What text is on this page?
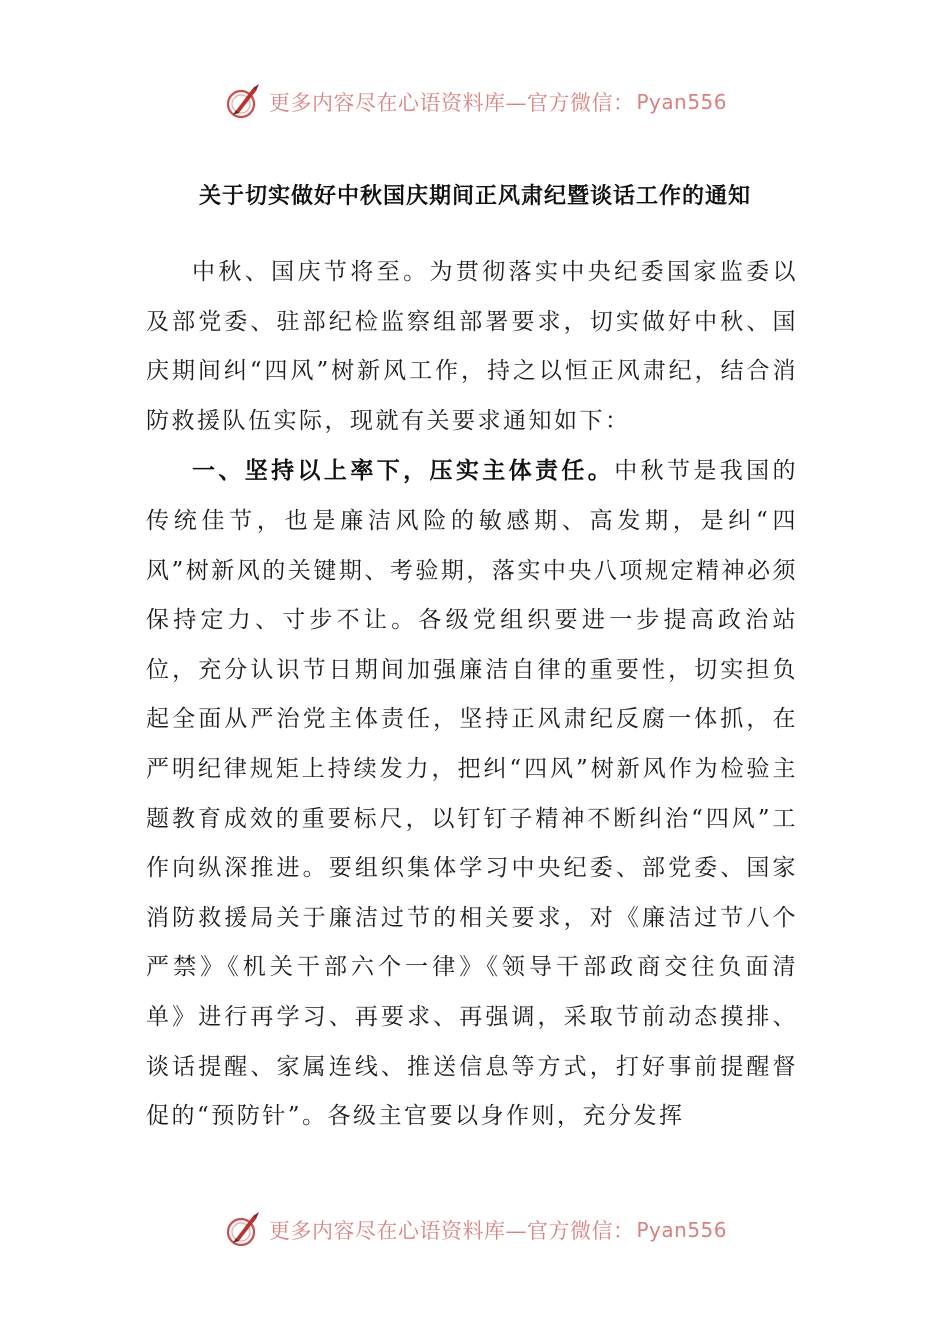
更多内容尽在心语资料库—官方微信： Pyan556
关于切实做好中秋国庆期间正风肃纪暨谈话工作的通知

中秋、国庆节将至。为贯彻落实中央纪委国家监委以及部党委、驻部纪检监察组部署要求，切实做好中秋、国庆期间纠“四风”树新风工作，持之以恒正风肃纪，结合消防救援队伍实际，现就有关要求通知如下：

一、坚持以上率下，压实主体责任。中秋节是我国的传统佳节，也是廉洁风险的敏感期、高发期，是纠“四风”树新风的关键期、考验期，落实中央八项规定精神必须保持定力、寸步不让。各级党组织要进一步提高政治站位，充分认识节日期间加强廉洁自律的重要性，切实担负起全面从严治党主体责任，坚持正风肃纪反腐一体抓，在严明纪律规矩上持续发力，把纠“四风”树新风作为检验主题教育成效的重要标尺，以钉钉子精神不断纠治“四风”工作向纵深推进。要组织集体学习中央纪委、部党委、国家消防救援局关于廉洁过节的相关要求，对《廉洁过节八个严禁》《机关干部六个一律》《领导干部政商交往负面清单》进行再学习、再要求、再强调，采取节前动态摸排、谈话提醒、家属连线、推送信息等方式，打好事前提醒督促的“预防针”。各级主官要以身作则，充分发挥

更多内容尽在心语资料库—官方微信： Pyan556
